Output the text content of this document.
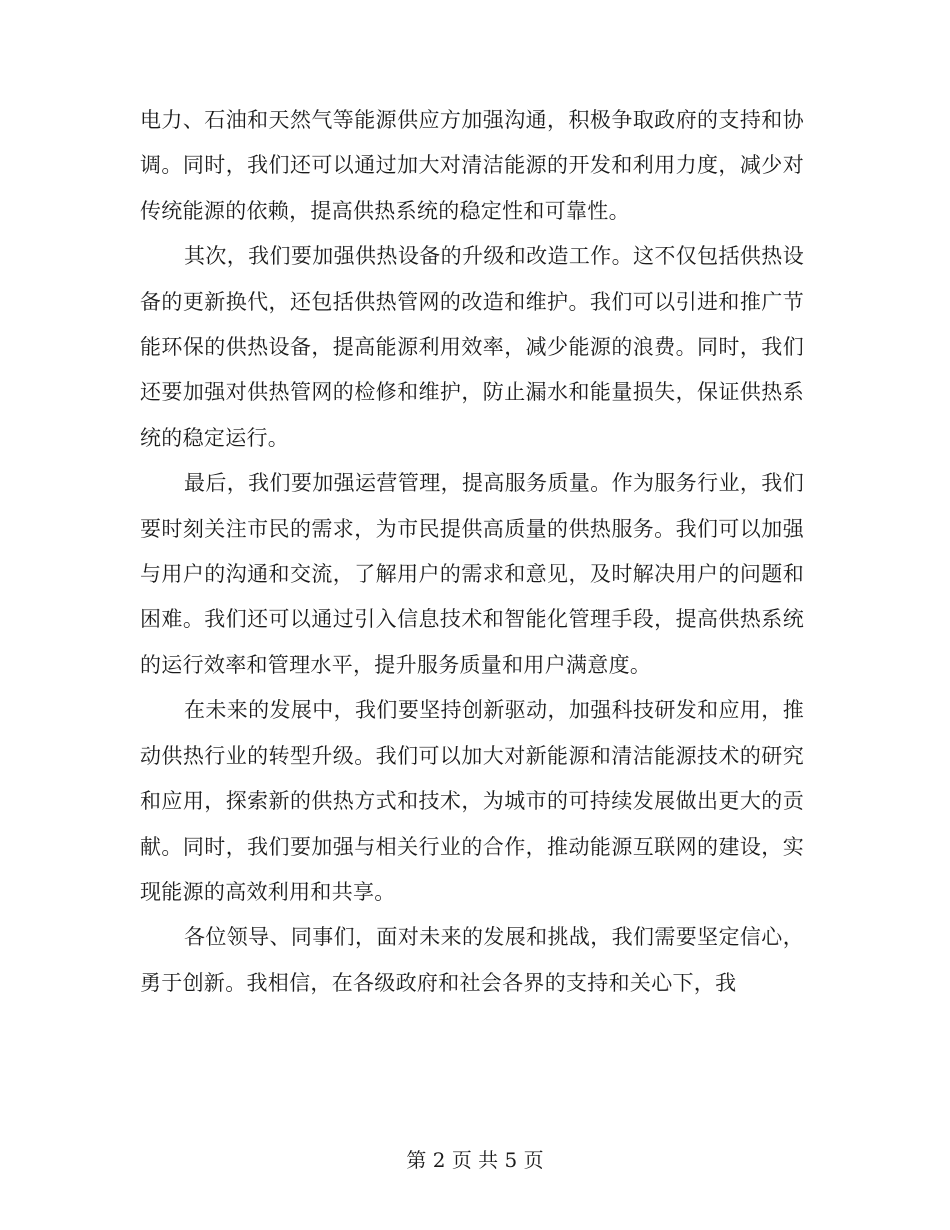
电力、石油和天然气等能源供应方加强沟通，积极争取政府的支持和协调。同时，我们还可以通过加大对清洁能源的开发和利用力度，减少对传统能源的依赖，提高供热系统的稳定性和可靠性。

其次，我们要加强供热设备的升级和改造工作。这不仅包括供热设备的更新换代，还包括供热管网的改造和维护。我们可以引进和推广节能环保的供热设备，提高能源利用效率，减少能源的浪费。同时，我们还要加强对供热管网的检修和维护，防止漏水和能量损失，保证供热系统的稳定运行。

最后，我们要加强运营管理，提高服务质量。作为服务行业，我们要时刻关注市民的需求，为市民提供高质量的供热服务。我们可以加强与用户的沟通和交流，了解用户的需求和意见，及时解决用户的问题和困难。我们还可以通过引入信息技术和智能化管理手段，提高供热系统的运行效率和管理水平，提升服务质量和用户满意度。

在未来的发展中，我们要坚持创新驱动，加强科技研发和应用，推动供热行业的转型升级。我们可以加大对新能源和清洁能源技术的研究和应用，探索新的供热方式和技术，为城市的可持续发展做出更大的贡献。同时，我们要加强与相关行业的合作，推动能源互联网的建设，实现能源的高效利用和共享。

各位领导、同事们，面对未来的发展和挑战，我们需要坚定信心，勇于创新。我相信，在各级政府和社会各界的支持和关心下，我

第 2 页 共 5 页
